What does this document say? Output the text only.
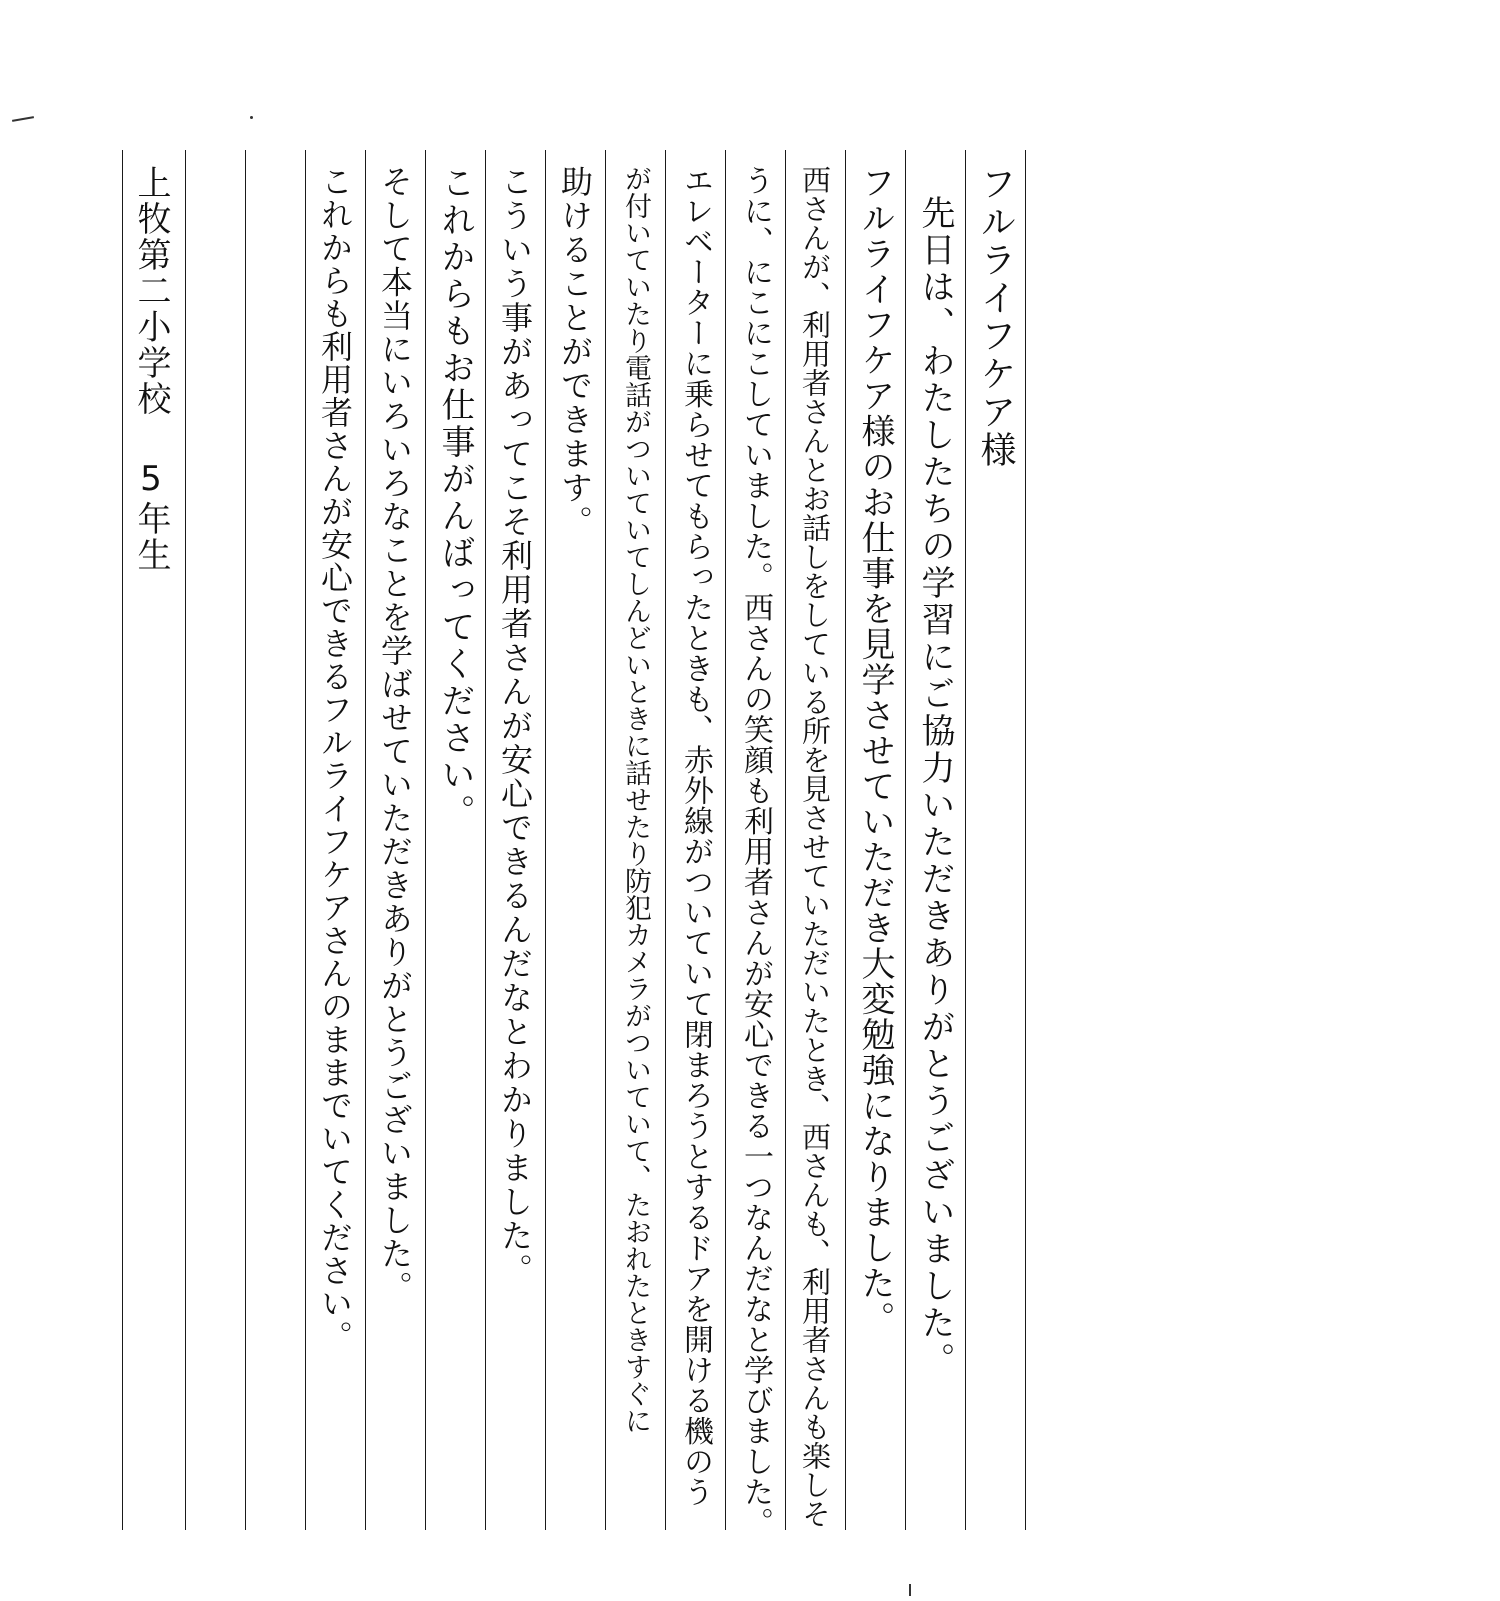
フルライフケア様
先日は、わたしたちの学習にご協力いただきありがとうございました。
フルライフケア様のお仕事を見学させていただき大変勉強になりました。
西さんが、利用者さんとお話しをしている所を見させていただいたとき、西さんも、利用者さんも楽しそ
うに、にこにこしていました。西さんの笑顔も利用者さんが安心できる一つなんだなと学びました。
エレベーターに乗らせてもらったときも、赤外線がついていて閉まろうとするドアを開ける機のう
が付いていたり電話がついていてしんどいときに話せたり防犯カメラがついていて、たおれたときすぐに
助けることができます。
こういう事があってこそ利用者さんが安心できるんだなとわかりました。
これからもお仕事がんばってください。
そして本当にいろいろなことを学ばせていただきありがとうございました。
これからも利用者さんが安心できるフルライフケアさんのままでいてください。
上牧第二小学校 5年生
